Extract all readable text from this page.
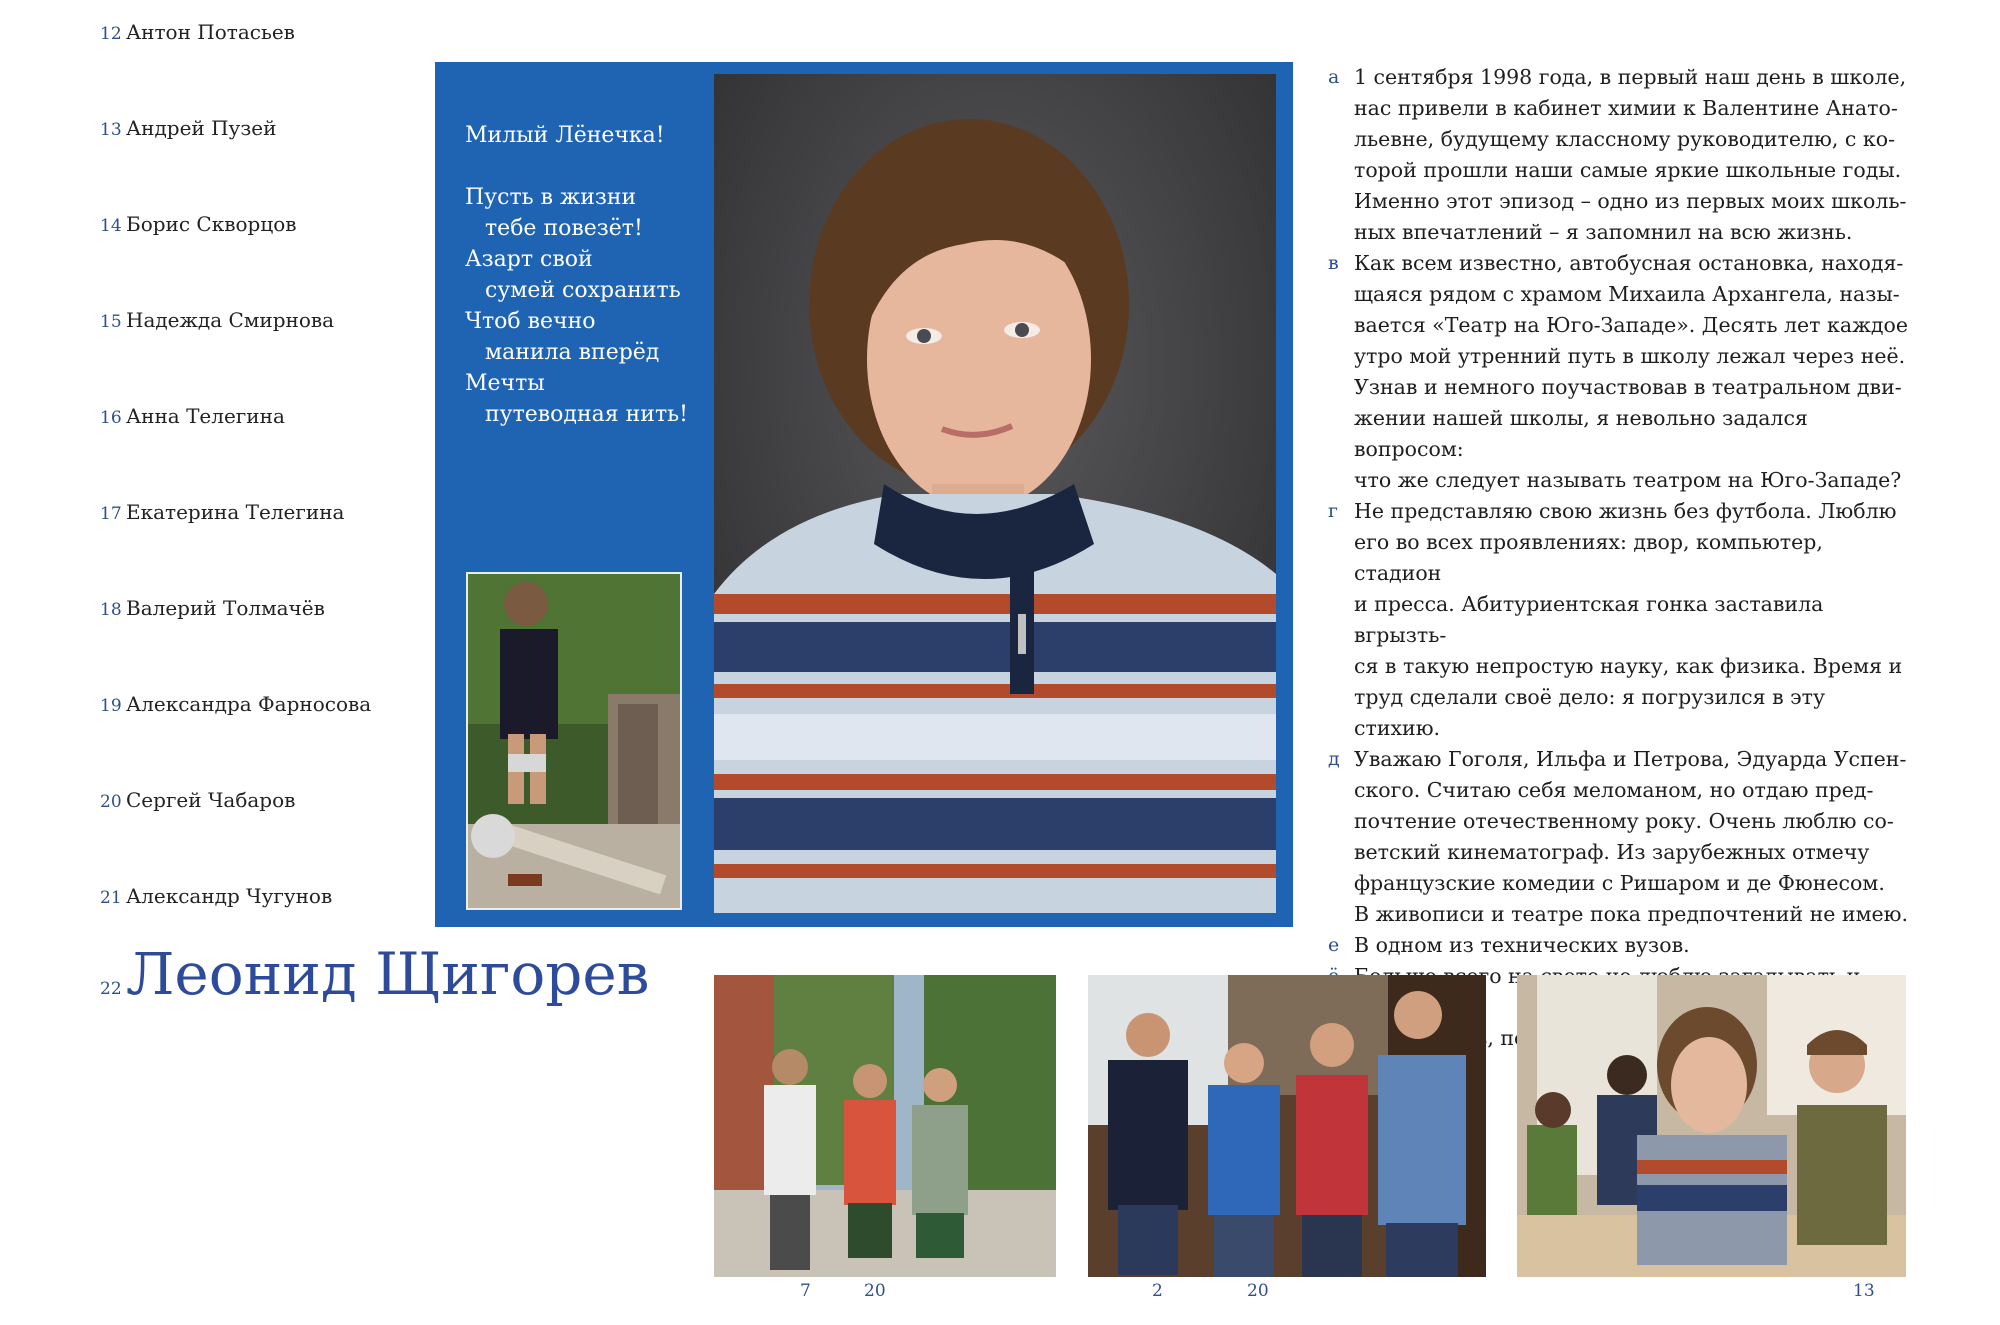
12 Антон Потасьев
13 Андрей Пузей
14 Борис Скворцов
15 Надежда Смирнова
16 Анна Телегина
17 Екатерина Телегина
18 Валерий Толмачёв
19 Александра Фарносова
20 Сергей Чабаров
21 Александр Чугунов
22Леонид Щигорев
Милый Лёнечка!
Пусть в жизни
тебе повезёт!
Азарт свой
сумей сохранить
Чтоб вечно
манила вперёд
Мечты
путеводная нить!
а 1 сентября 1998 года, в первый наш день в школе,
нас привели в кабинет химии к Валентине Анато-
льевне, будущему классному руководителю, с ко-
торой прошли наши самые яркие школьные годы.
Именно этот эпизод – одно из первых моих школь-
ных впечатлений – я запомнил на всю жизнь.
в Как всем известно, автобусная остановка, находя-
щаяся рядом с храмом Михаила Архангела, назы-
вается «Театр на Юго-Западе». Десять лет каждое
утро мой утренний путь в школу лежал через неё.
Узнав и немного поучаствовав в театральном дви-
жении нашей школы, я невольно задался вопросом:
что же следует называть театром на Юго-Западе?
г Не представляю свою жизнь без футбола. Люблю
его во всех проявлениях: двор, компьютер, стадион
и пресса. Абитуриентская гонка заставила вгрызть-
ся в такую непростую науку, как физика. Время и
труд сделали своё дело: я погрузился в эту стихию.
д Уважаю Гоголя, Ильфа и Петрова, Эдуарда Успен-
ского. Считаю себя меломаном, но отдаю пред-
почтение отечественному року. Очень люблю со-
ветский кинематограф. Из зарубежных отмечу
французские комедии с Ришаром и де Фюнесом.
В живописи и театре пока предпочтений не имею.
е В одном из технических вузов.
7	20	2	20	13
